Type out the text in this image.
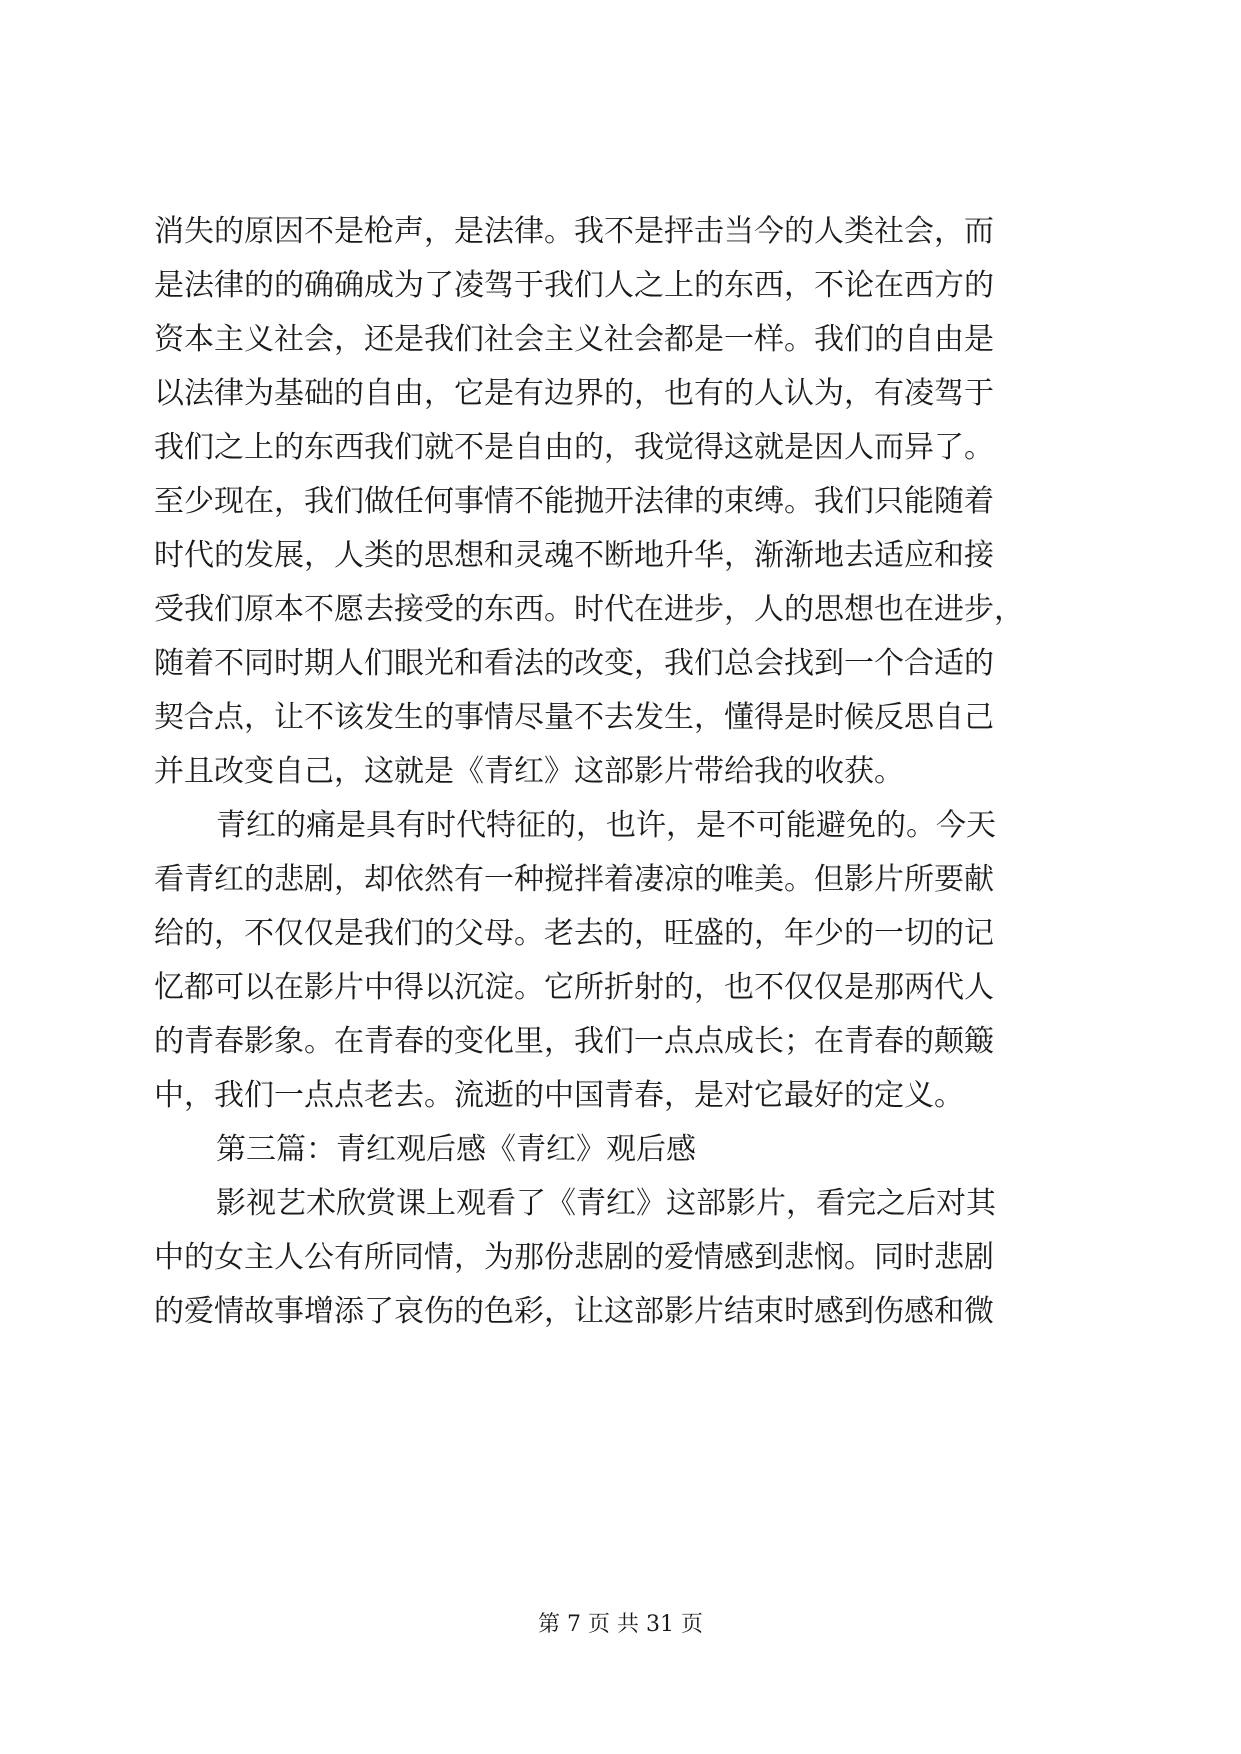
消失的原因不是枪声，是法律。我不是抨击当今的人类社会，而
是法律的的确确成为了凌驾于我们人之上的东西，不论在西方的
资本主义社会，还是我们社会主义社会都是一样。我们的自由是
以法律为基础的自由，它是有边界的，也有的人认为，有凌驾于
我们之上的东西我们就不是自由的，我觉得这就是因人而异了。
至少现在，我们做任何事情不能抛开法律的束缚。我们只能随着
时代的发展，人类的思想和灵魂不断地升华，渐渐地去适应和接
受我们原本不愿去接受的东西。时代在进步，人的思想也在进步，
随着不同时期人们眼光和看法的改变，我们总会找到一个合适的
契合点，让不该发生的事情尽量不去发生，懂得是时候反思自己
并且改变自己，这就是《青红》这部影片带给我的收获。
青红的痛是具有时代特征的，也许，是不可能避免的。今天
看青红的悲剧，却依然有一种搅拌着凄凉的唯美。但影片所要献
给的，不仅仅是我们的父母。老去的，旺盛的，年少的一切的记
忆都可以在影片中得以沉淀。它所折射的，也不仅仅是那两代人
的青春影象。在青春的变化里，我们一点点成长；在青春的颠簸
中，我们一点点老去。流逝的中国青春，是对它最好的定义。
第三篇：青红观后感《青红》观后感
影视艺术欣赏课上观看了《青红》这部影片，看完之后对其
中的女主人公有所同情，为那份悲剧的爱情感到悲悯。同时悲剧
的爱情故事增添了哀伤的色彩，让这部影片结束时感到伤感和微
第 7 页 共 31 页
